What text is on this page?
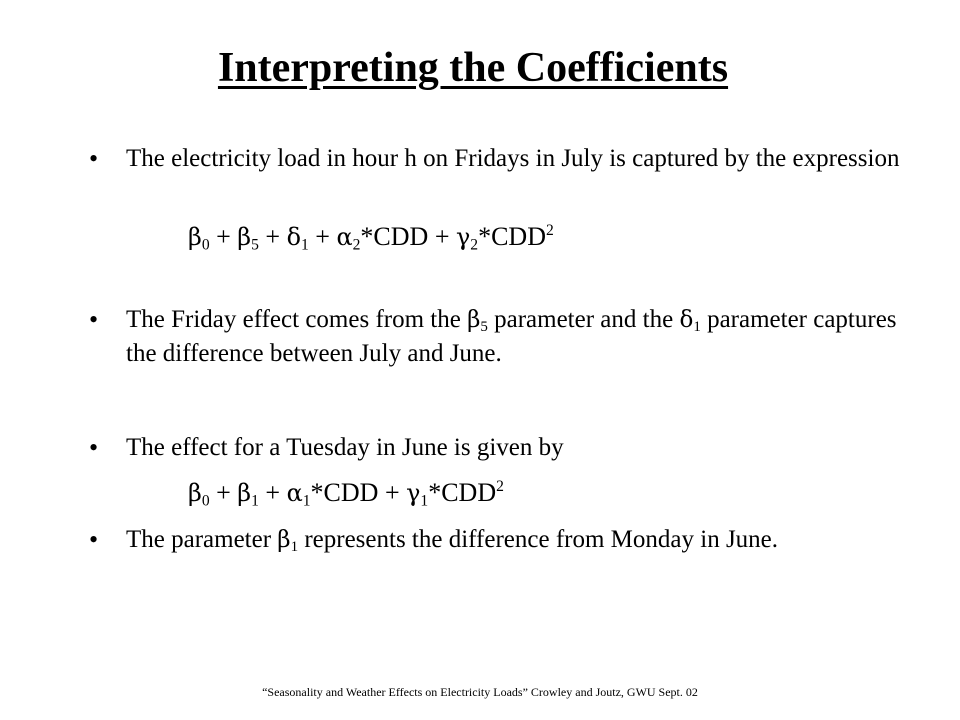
Interpreting the Coefficients
• The electricity load in hour h on Fridays in July is captured by the expression
$\beta_0 + \beta_5 + \delta_1 + \alpha_2*CDD + \gamma_2*CDD^2$
• The Friday effect comes from the $\beta_5$ parameter and the $\delta_1$ parameter captures the difference between July and June.
• The effect for a Tuesday in June is given by
$\beta_0 + \beta_1 + \alpha_1*CDD + \gamma_1*CDD^2$
• The parameter $\beta_1$ represents the difference from Monday in June.
“Seasonality and Weather Effects on Electricity Loads” Crowley and Joutz, GWU Sept. 02
